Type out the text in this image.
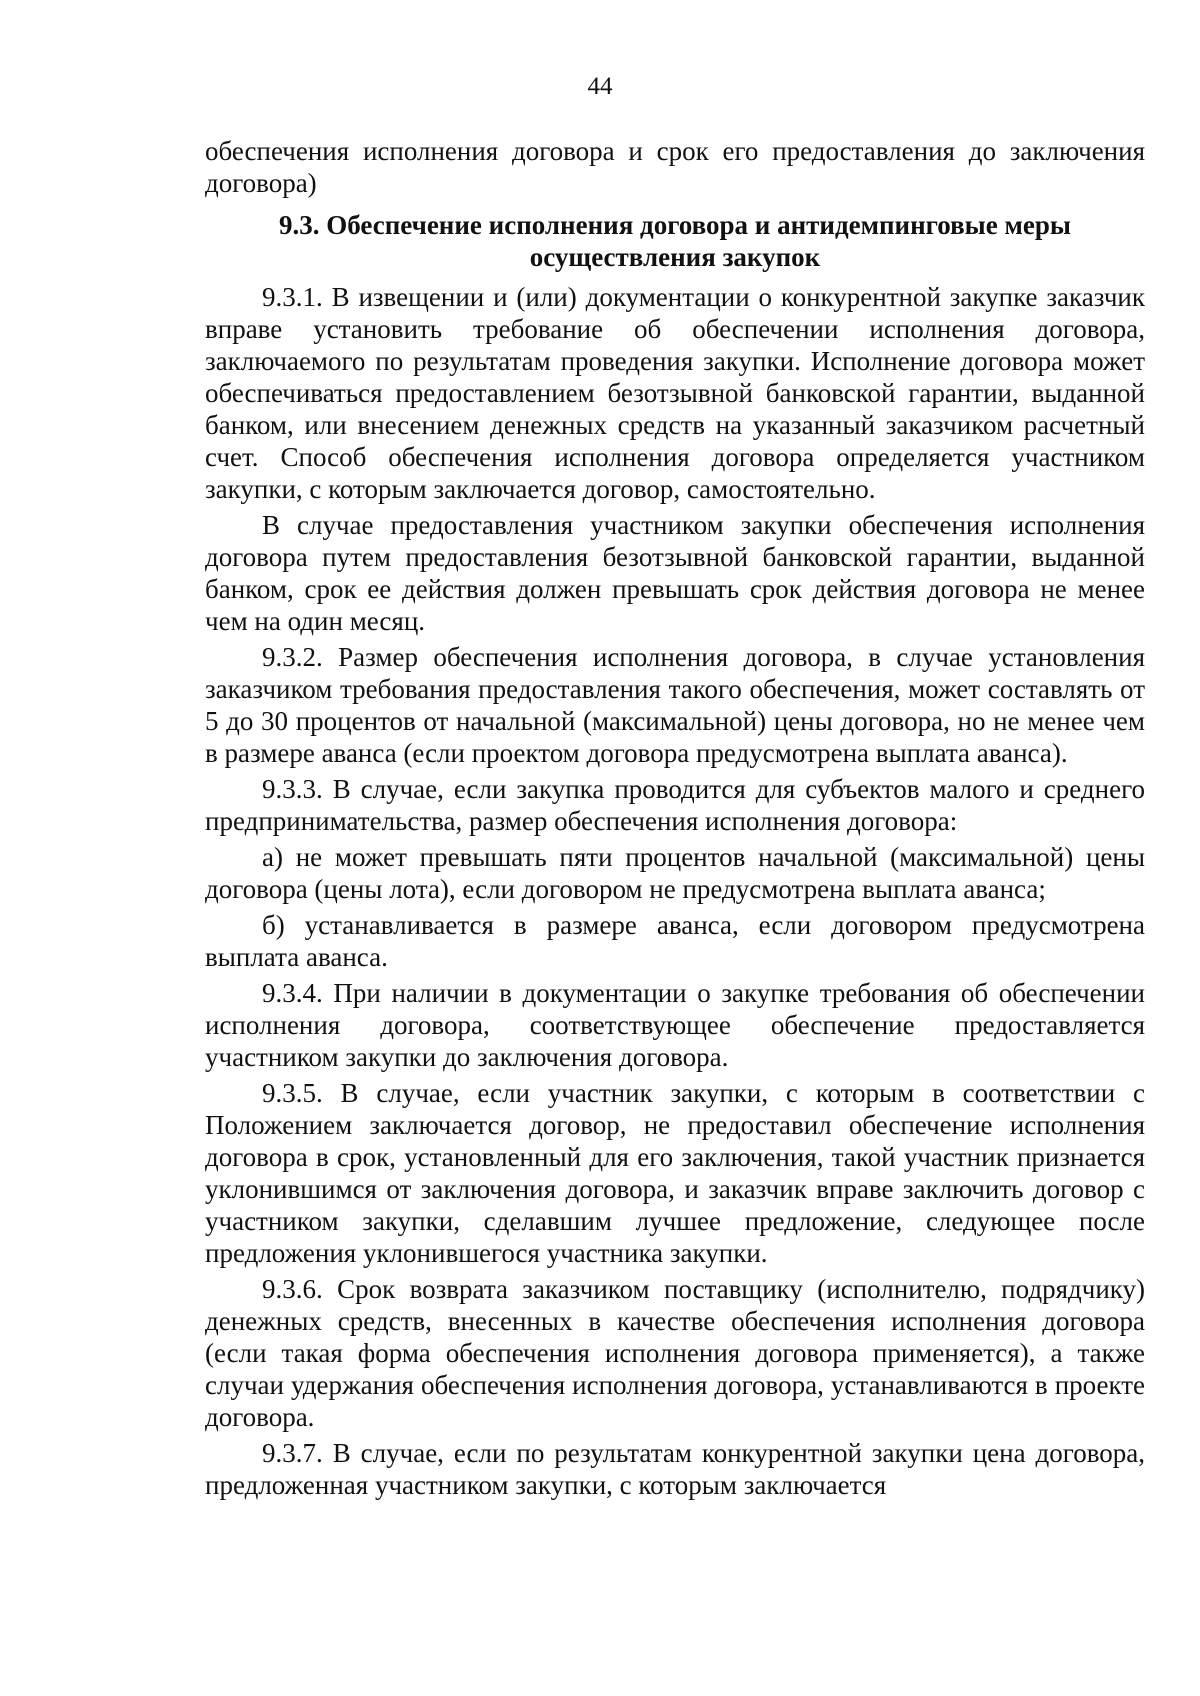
44

обеспечения исполнения договора и срок его предоставления до заключения договора)

9.3. Обеспечение исполнения договора и антидемпинговые меры осуществления закупок

9.3.1. В извещении и (или) документации о конкурентной закупке заказчик вправе установить требование об обеспечении исполнения договора, заключаемого по результатам проведения закупки. Исполнение договора может обеспечиваться предоставлением безотзывной банковской гарантии, выданной банком, или внесением денежных средств на указанный заказчиком расчетный счет. Способ обеспечения исполнения договора определяется участником закупки, с которым заключается договор, самостоятельно.

В случае предоставления участником закупки обеспечения исполнения договора путем предоставления безотзывной банковской гарантии, выданной банком, срок ее действия должен превышать срок действия договора не менее чем на один месяц.

9.3.2. Размер обеспечения исполнения договора, в случае установления заказчиком требования предоставления такого обеспечения, может составлять от 5 до 30 процентов от начальной (максимальной) цены договора, но не менее чем в размере аванса (если проектом договора предусмотрена выплата аванса).

9.3.3. В случае, если закупка проводится для субъектов малого и среднего предпринимательства, размер обеспечения исполнения договора:

а) не может превышать пяти процентов начальной (максимальной) цены договора (цены лота), если договором не предусмотрена выплата аванса;

б) устанавливается в размере аванса, если договором предусмотрена выплата аванса.

9.3.4. При наличии в документации о закупке требования об обеспечении исполнения договора, соответствующее обеспечение предоставляется участником закупки до заключения договора.

9.3.5. В случае, если участник закупки, с которым в соответствии с Положением заключается договор, не предоставил обеспечение исполнения договора в срок, установленный для его заключения, такой участник признается уклонившимся от заключения договора, и заказчик вправе заключить договор с участником закупки, сделавшим лучшее предложение, следующее после предложения уклонившегося участника закупки.

9.3.6. Срок возврата заказчиком поставщику (исполнителю, подрядчику) денежных средств, внесенных в качестве обеспечения исполнения договора (если такая форма обеспечения исполнения договора применяется), а также случаи удержания обеспечения исполнения договора, устанавливаются в проекте договора.

9.3.7. В случае, если по результатам конкурентной закупки цена договора, предложенная участником закупки, с которым заключается
